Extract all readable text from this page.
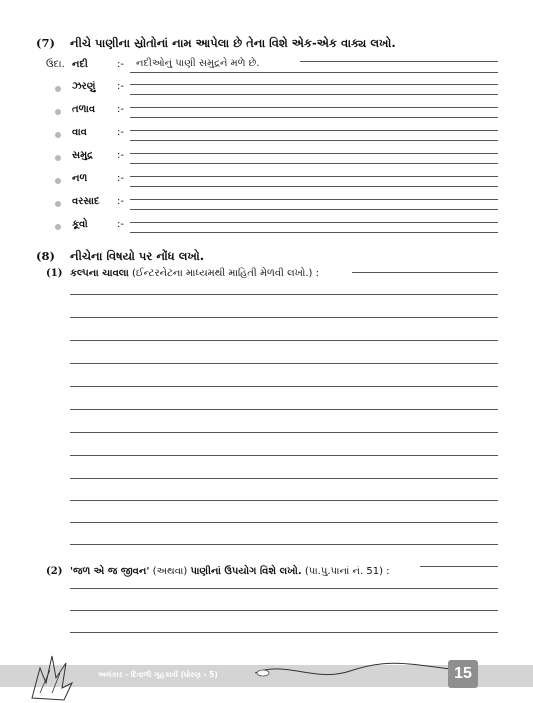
(7) નીચે પાણીના સ્રોતોનાં નામ આપેલા છે તેના વિશે એક-એક વાક્ય લખો.
ઉદા. નદી	:- નદીઓનું પાણી સમુદ્રને મળે છે.
ઝરણું :-
તળાવ :-
વાવ	:-
સમુદ્ર :-
નળ	:-
વરસાદ :-
કૂવો	:-
(8) નીચેના વિષયો પર નોંધ લખો.
(1) કલ્પના ચાવલા (ઈન્ટરનેટના માધ્યમથી માહિતી મેળવી લખો.) :
(2) 'જળ એ જ જીવન' (અથવા) પાણીનાં ઉપયોગ વિશે લખો. (પા.પુ.પાનાં નં. 51) :
અલંકાર - દિવાળી ગૃહકાર્ય (ધોરણ - 5)	15
